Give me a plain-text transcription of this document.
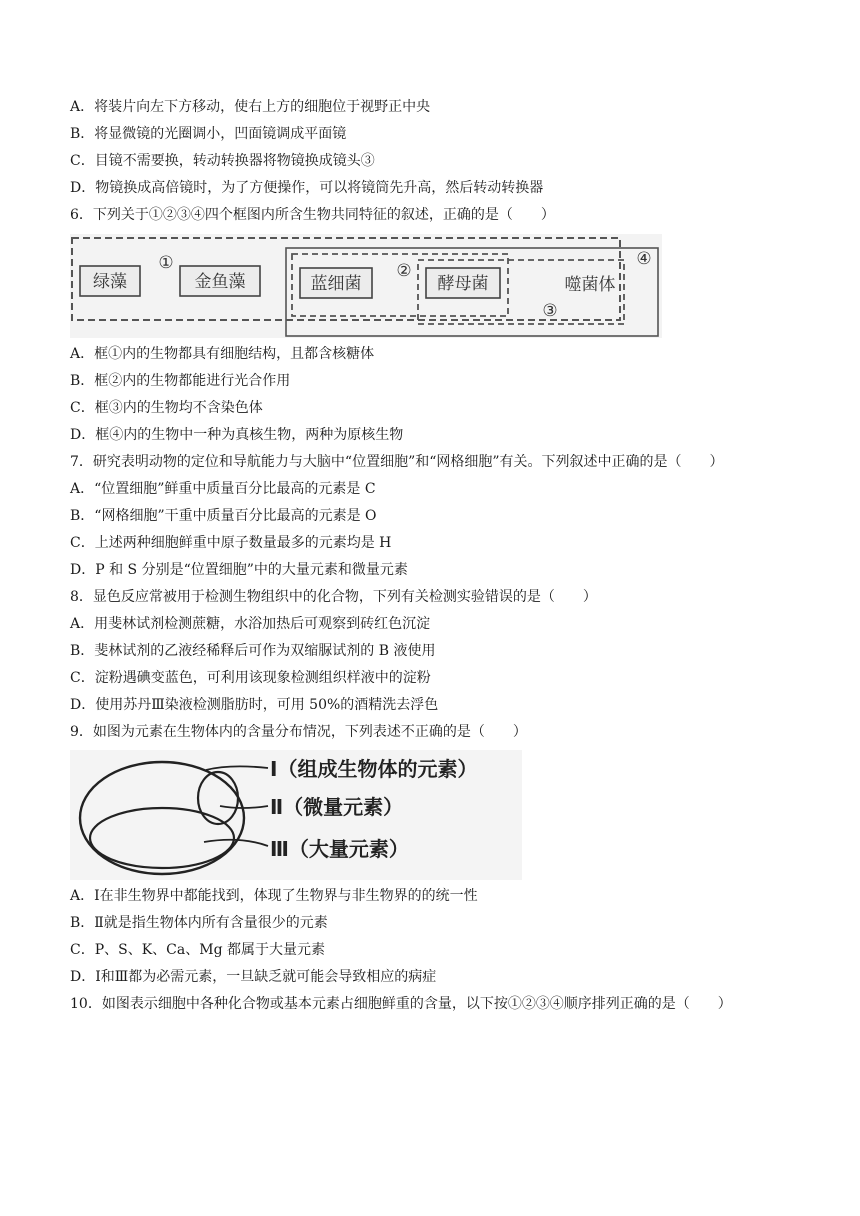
A．将装片向左下方移动，使右上方的细胞位于视野正中央
B．将显微镜的光圈调小，凹面镜调成平面镜
C．目镜不需要换，转动转换器将物镜换成镜头③
D．物镜换成高倍镜时，为了方便操作，可以将镜筒先升高，然后转动转换器
6．下列关于①②③④四个框图内所含生物共同特征的叙述，正确的是（　　）
绿藻	金鱼藻	蓝细菌	酵母菌	噬菌体
①	②
③
④
A．框①内的生物都具有细胞结构，且都含核糖体
B．框②内的生物都能进行光合作用
C．框③内的生物均不含染色体
D．框④内的生物中一种为真核生物，两种为原核生物
7．研究表明动物的定位和导航能力与大脑中“位置细胞”和“网格细胞”有关。下列叙述中正确的是（　　）
A．“位置细胞”鲜重中质量百分比最高的元素是 C
B．“网格细胞”干重中质量百分比最高的元素是 O
C．上述两种细胞鲜重中原子数量最多的元素均是 H
D．P 和 S 分别是“位置细胞”中的大量元素和微量元素
8．显色反应常被用于检测生物组织中的化合物，下列有关检测实验错误的是（　　）
A．用斐林试剂检测蔗糖，水浴加热后可观察到砖红色沉淀
B．斐林试剂的乙液经稀释后可作为双缩脲试剂的 B 液使用
C．淀粉遇碘变蓝色，可利用该现象检测组织样液中的淀粉
D．使用苏丹Ⅲ染液检测脂肪时，可用 50%的酒精洗去浮色
9．如图为元素在生物体内的含量分布情况，下列表述不正确的是（　　）
Ⅰ（组成生物体的元素）
Ⅱ（微量元素）
Ⅲ（大量元素）
A．Ⅰ在非生物界中都能找到，体现了生物界与非生物界的的统一性
B．Ⅱ就是指生物体内所有含量很少的元素
C．P、S、K、Ca、Mg 都属于大量元素
D．Ⅰ和Ⅲ都为必需元素，一旦缺乏就可能会导致相应的病症
10．如图表示细胞中各种化合物或基本元素占细胞鲜重的含量，以下按①②③④顺序排列正确的是（　　）
